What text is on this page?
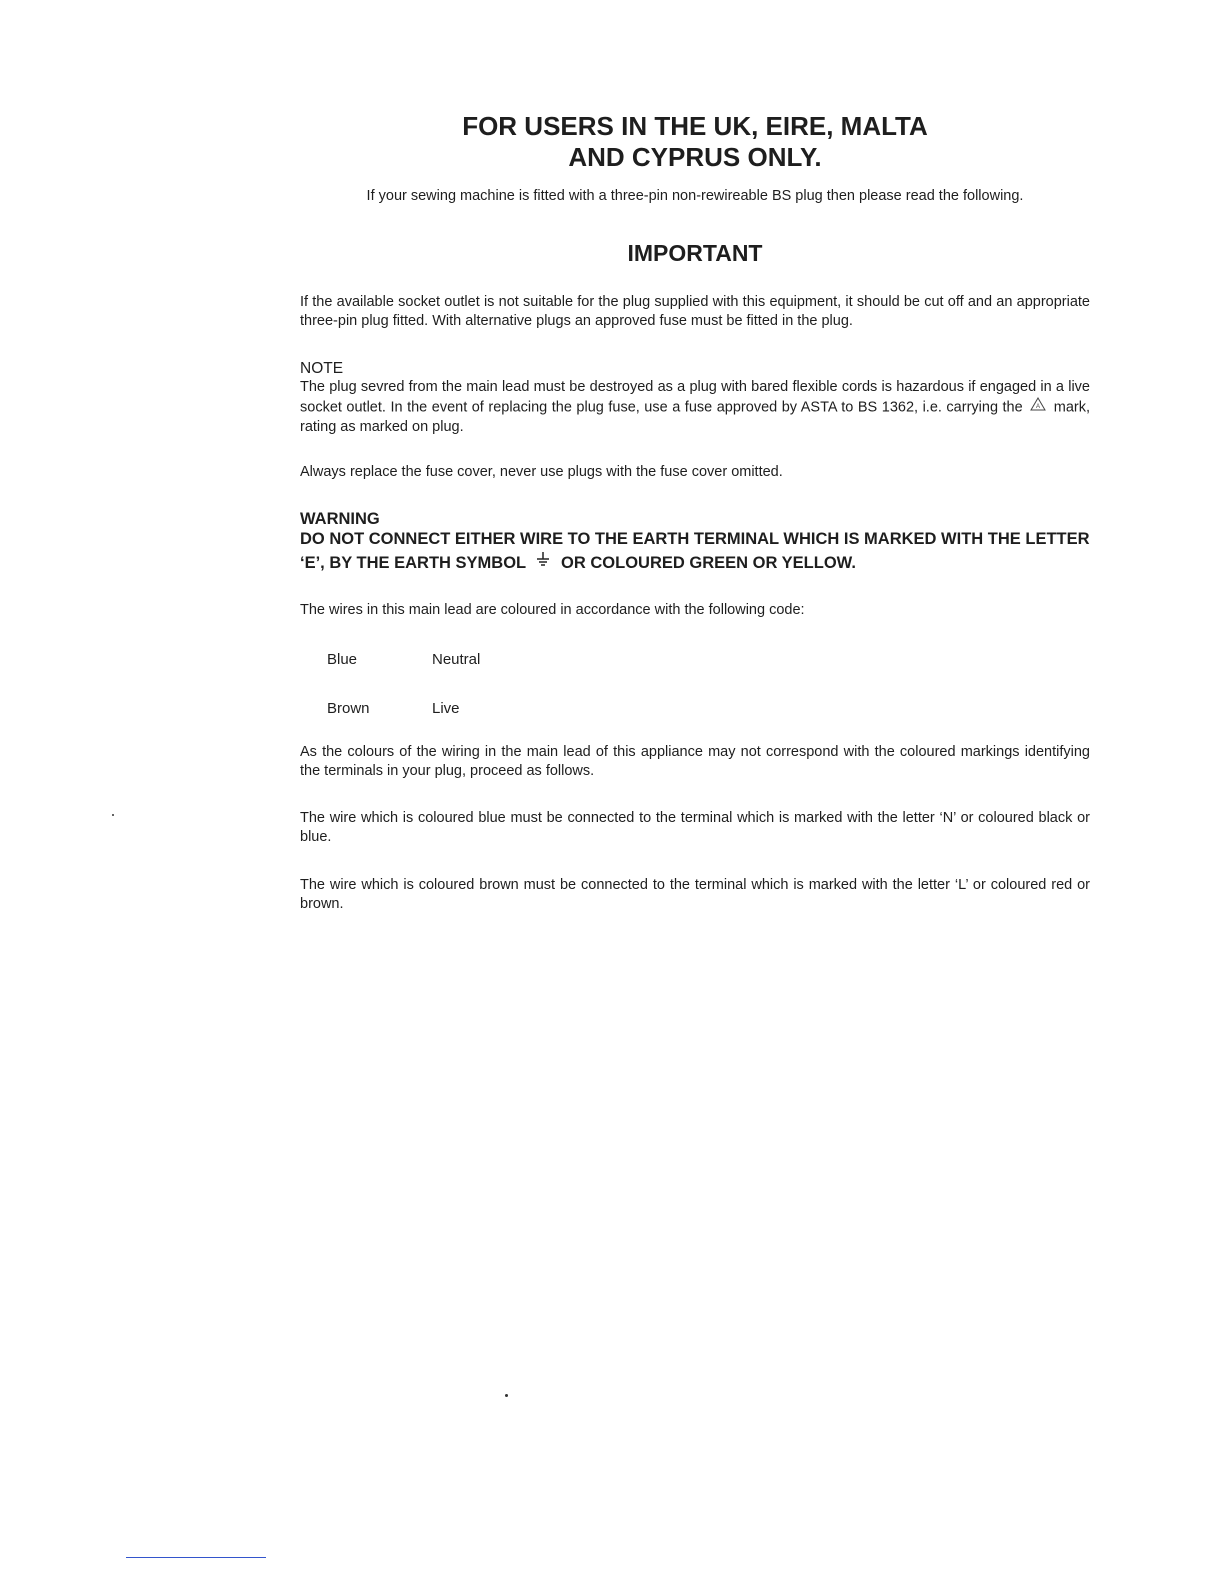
FOR USERS IN THE UK, EIRE, MALTA
AND CYPRUS ONLY.

If your sewing machine is fitted with a three-pin non-rewireable BS plug then please read the following.

IMPORTANT

If the available socket outlet is not suitable for the plug supplied with this equipment, it should be cut off and an appropriate three-pin plug fitted. With alternative plugs an approved fuse must be fitted in the plug.

NOTE

The plug sevred from the main lead must be destroyed as a plug with bared flexible cords is hazardous if engaged in a live socket outlet. In the event of replacing the plug fuse, use a fuse approved by ASTA to BS 1362, i.e. carrying the A mark, rating as marked on plug.

Always replace the fuse cover, never use plugs with the fuse cover omitted.

WARNING

DO NOT CONNECT EITHER WIRE TO THE EARTH TERMINAL WHICH IS MARKED WITH THE LETTER ‘E’, BY THE EARTH SYMBOL OR COLOURED GREEN OR YELLOW.

The wires in this main lead are coloured in accordance with the following code:

Blue	Neutral

Brown	Live

As the colours of the wiring in the main lead of this appliance may not correspond with the coloured markings identifying the terminals in your plug, proceed as follows.

The wire which is coloured blue must be connected to the terminal which is marked with the letter ‘N’ or coloured black or blue.

The wire which is coloured brown must be connected to the terminal which is marked with the letter ‘L’ or coloured red or brown.
